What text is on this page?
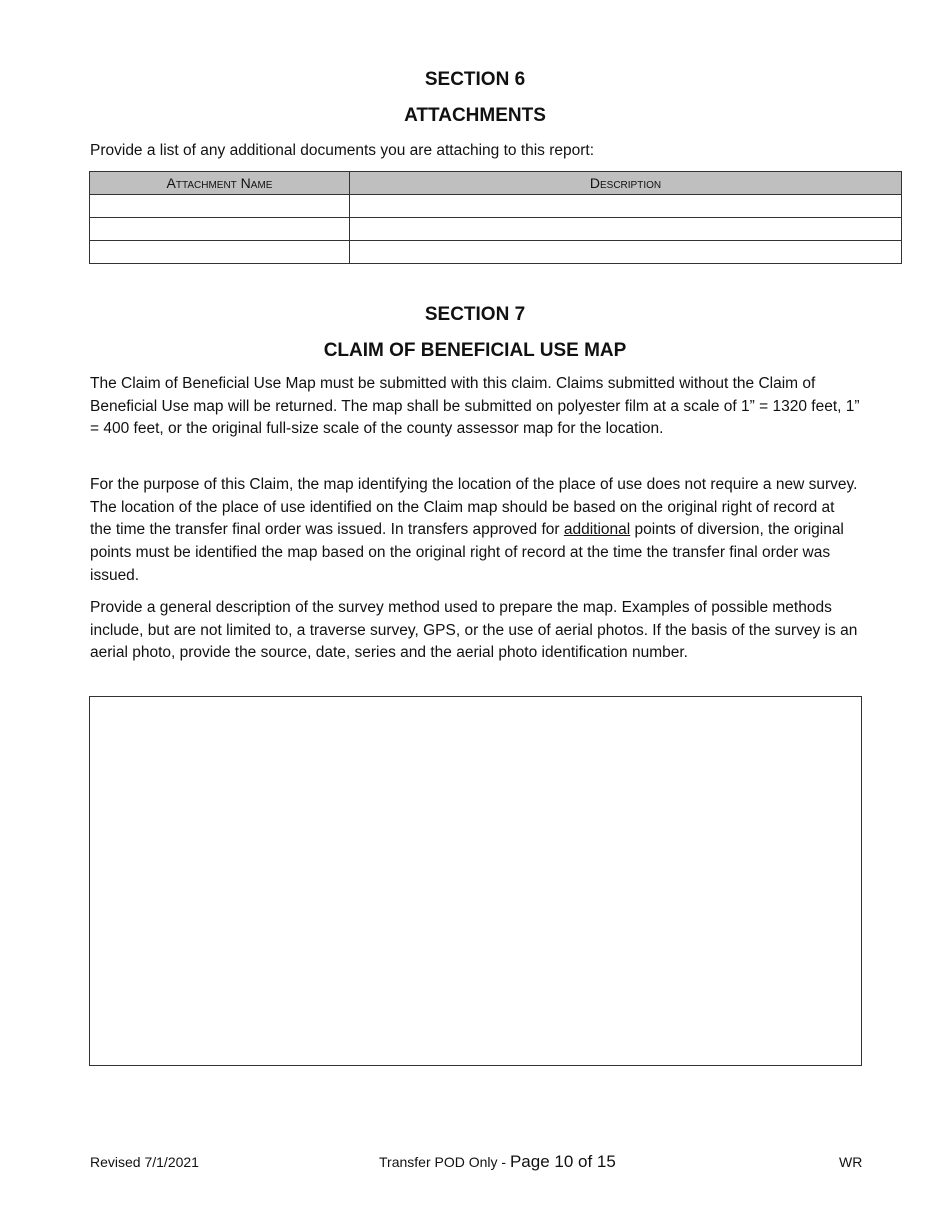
SECTION 6
ATTACHMENTS

Provide a list of any additional documents you are attaching to this report:

Attachment Name	Description

SECTION 7
CLAIM OF BENEFICIAL USE MAP

The Claim of Beneficial Use Map must be submitted with this claim. Claims submitted without the Claim of Beneficial Use map will be returned. The map shall be submitted on polyester film at a scale of 1” = 1320 feet, 1” = 400 feet, or the original full-size scale of the county assessor map for the location.

For the purpose of this Claim, the map identifying the location of the place of use does not require a new survey. The location of the place of use identified on the Claim map should be based on the original right of record at the time the transfer final order was issued. In transfers approved for additional points of diversion, the original points must be identified the map based on the original right of record at the time the transfer final order was issued.

Provide a general description of the survey method used to prepare the map. Examples of possible methods include, but are not limited to, a traverse survey, GPS, or the use of aerial photos. If the basis of the survey is an aerial photo, provide the source, date, series and the aerial photo identification number.

Revised 7/1/2021	Transfer POD Only - Page 10 of 15	WR
